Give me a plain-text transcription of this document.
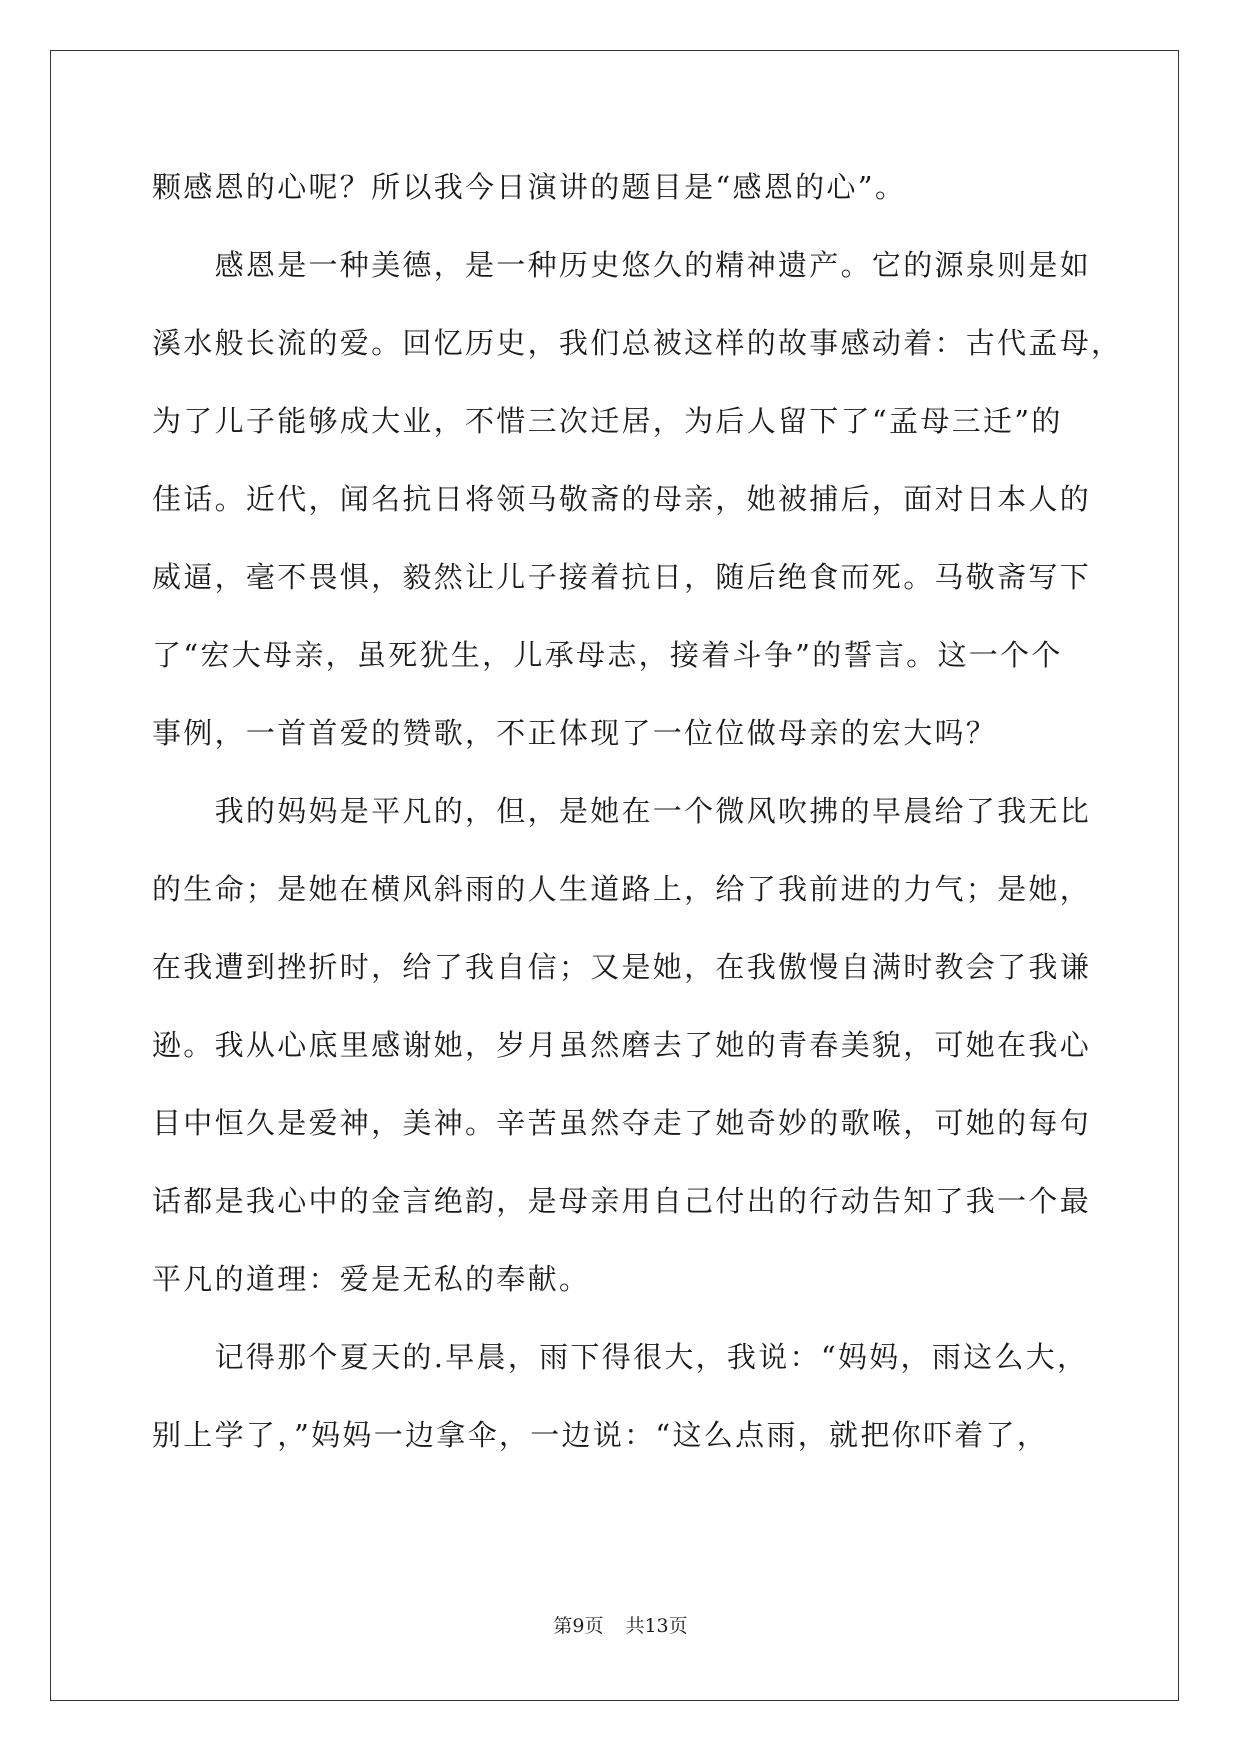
颗感恩的心呢？所以我今日演讲的题目是“感恩的心”。
　　感恩是一种美德，是一种历史悠久的精神遗产。它的源泉则是如
溪水般长流的爱。回忆历史，我们总被这样的故事感动着：古代孟母，
为了儿子能够成大业，不惜三次迁居，为后人留下了“孟母三迁”的
佳话。近代，闻名抗日将领马敬斋的母亲，她被捕后，面对日本人的
威逼，毫不畏惧，毅然让儿子接着抗日，随后绝食而死。马敬斋写下
了“宏大母亲，虽死犹生，儿承母志，接着斗争”的誓言。这一个个
事例，一首首爱的赞歌，不正体现了一位位做母亲的宏大吗？
　　我的妈妈是平凡的，但，是她在一个微风吹拂的早晨给了我无比
的生命；是她在横风斜雨的人生道路上，给了我前进的力气；是她，
在我遭到挫折时，给了我自信；又是她，在我傲慢自满时教会了我谦
逊。我从心底里感谢她，岁月虽然磨去了她的青春美貌，可她在我心
目中恒久是爱神，美神。辛苦虽然夺走了她奇妙的歌喉，可她的每句
话都是我心中的金言绝韵，是母亲用自己付出的行动告知了我一个最
平凡的道理：爱是无私的奉献。
　　记得那个夏天的.早晨，雨下得很大，我说：“妈妈，雨这么大，
别上学了，”妈妈一边拿伞，一边说：“这么点雨，就把你吓着了，
第9页 共13页
